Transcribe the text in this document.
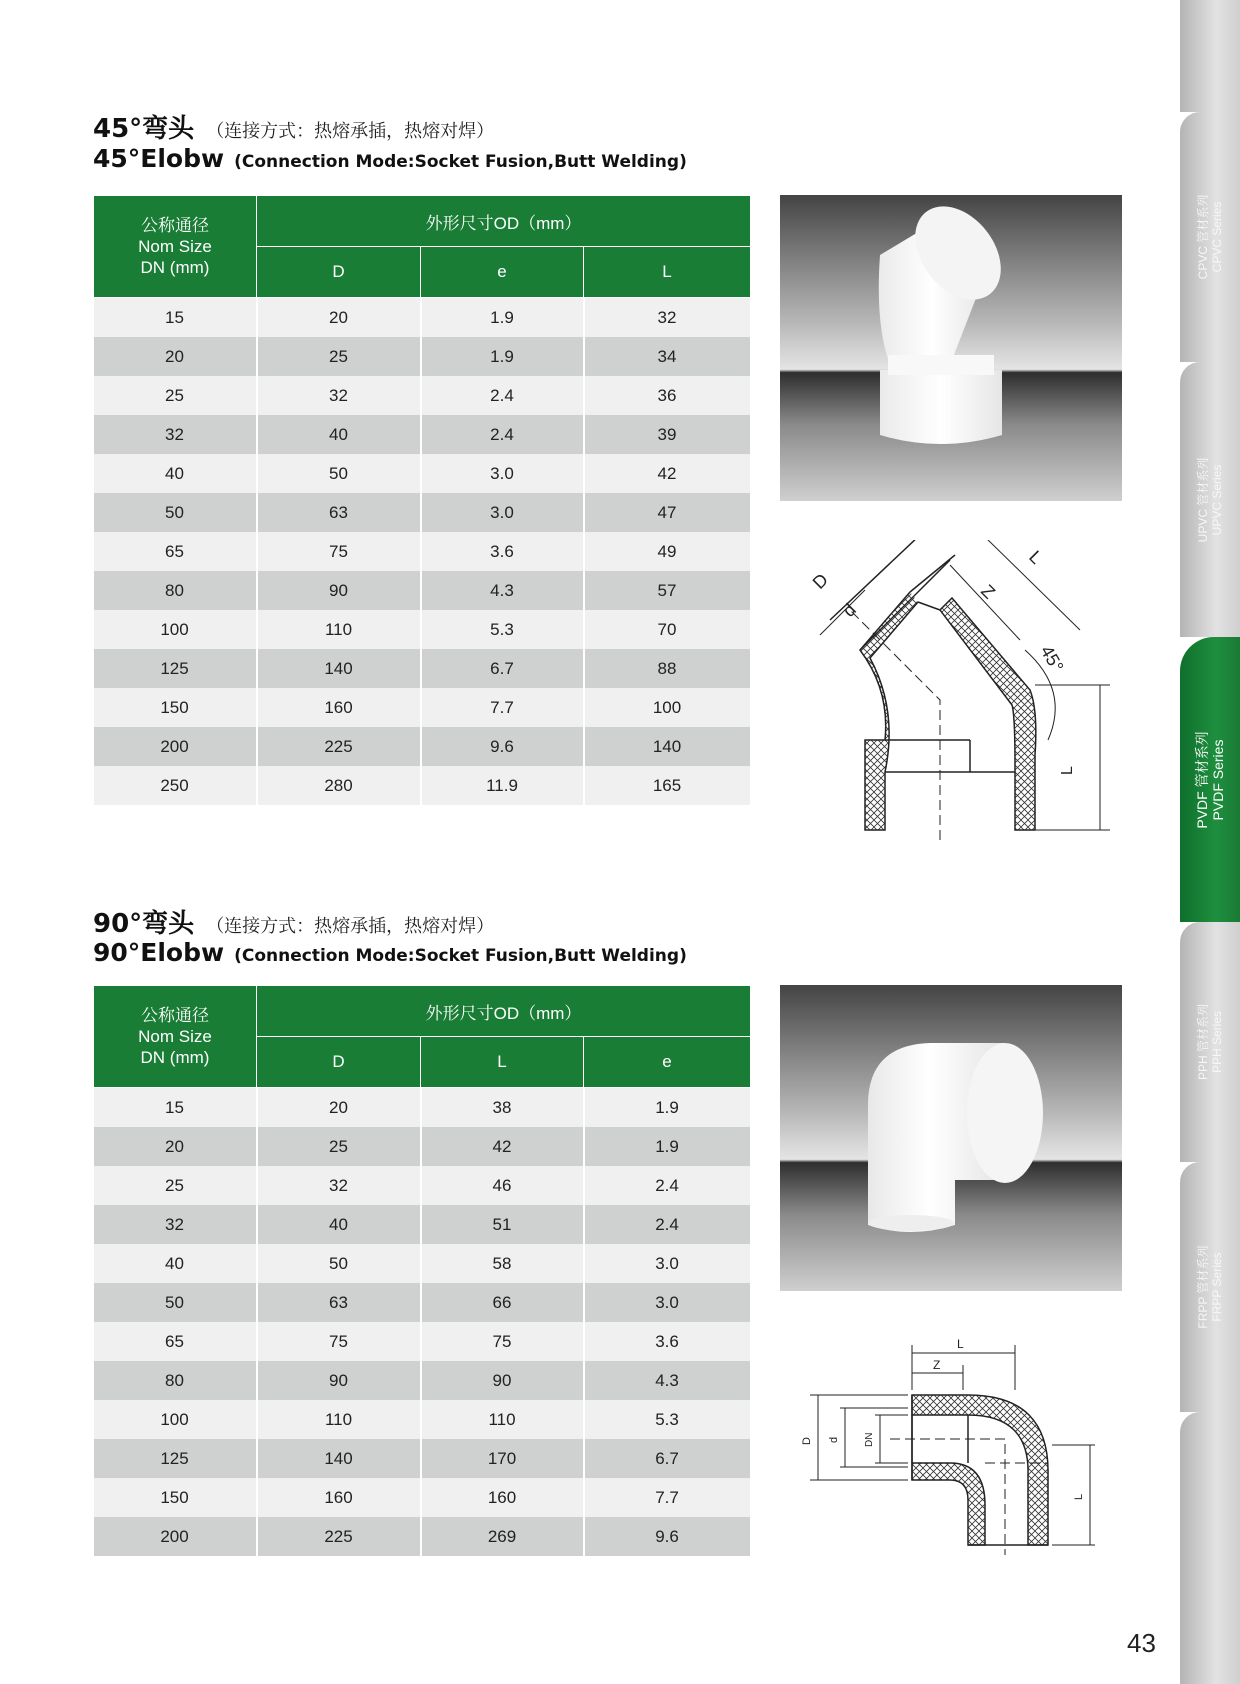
45°弯头 （连接方式：热熔承插，热熔对焊）
45°Elobw (Connection Mode:Socket Fusion,Butt Welding)
公称通径
Nom Size
DN (mm)	外形尺寸OD（mm）		
	D	e	L
15	20	1.9	32
20	25	1.9	34
25	32	2.4	36
32	40	2.4	39
40	50	3.0	42
50	63	3.0	47
65	75	3.6	49
80	90	4.3	57
100	110	5.3	70
125	140	6.7	88
150	160	7.7	100
200	225	9.6	140
250	280	11.9	165
D
d
Z
L
45°
L
90°弯头 （连接方式：热熔承插，热熔对焊）
90°Elobw (Connection Mode:Socket Fusion,Butt Welding)
公称通径
Nom Size
DN (mm)	外形尺寸OD（mm）		
	D	L	e
15	20	38	1.9
20	25	42	1.9
25	32	46	2.4
32	40	51	2.4
40	50	58	3.0
50	63	66	3.0
65	75	75	3.6
80	90	90	4.3
100	110	110	5.3
125	140	170	6.7
150	160	160	7.7
200	225	269	9.6
L
Z
D d DN
L
CPVC 管材系列
CPVC Series
UPVC 管材系列
UPVC Series
PVDF 管材系列
PVDF Series
PPH 管材系列
PPH Series
FRPP 管材系列
FRPP Series
43
